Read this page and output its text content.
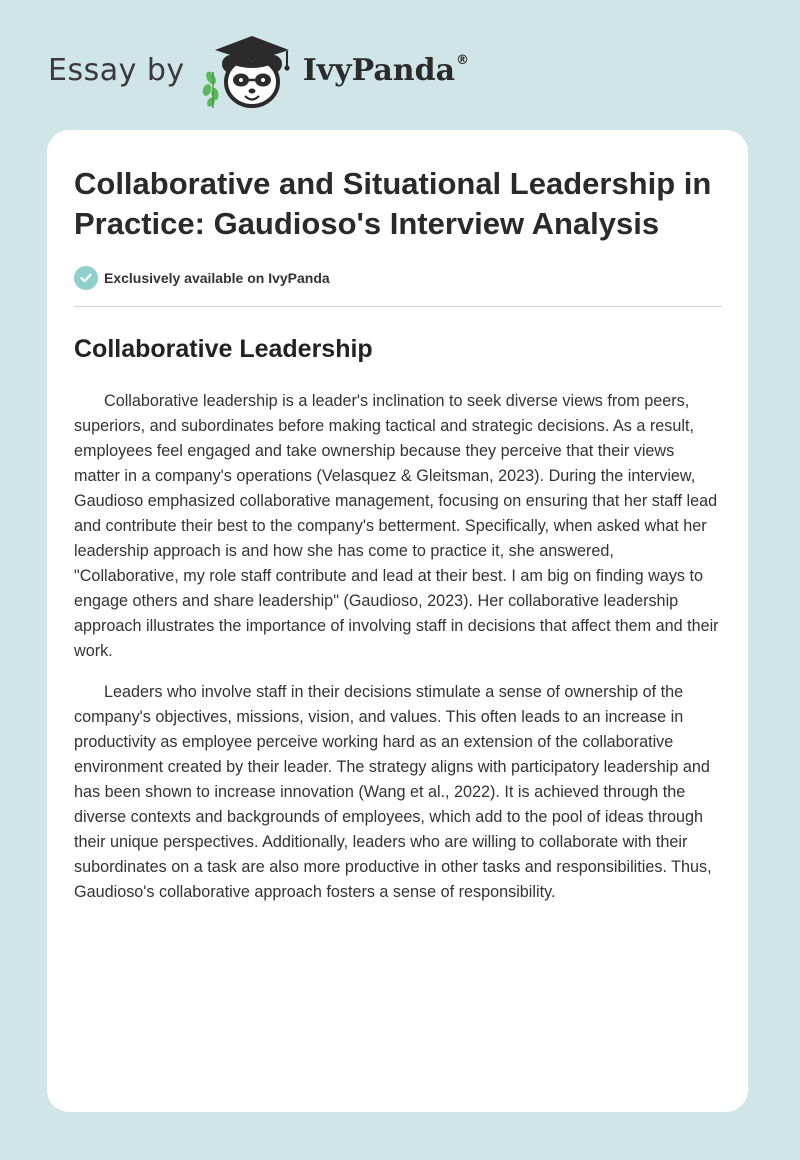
Essay by	IvyPanda ®
Collaborative and Situational Leadership in Practice: Gaudioso's Interview Analysis
Exclusively available on IvyPanda
Collaborative Leadership

Collaborative leadership is a leader's inclination to seek diverse views from peers, superiors, and subordinates before making tactical and strategic decisions. As a result, employees feel engaged and take ownership because they perceive that their views matter in a company's operations (Velasquez & Gleitsman, 2023). During the interview, Gaudioso emphasized collaborative management, focusing on ensuring that her staff lead and contribute their best to the company's betterment. Specifically, when asked what her leadership approach is and how she has come to practice it, she answered, "Collaborative, my role staff contribute and lead at their best. I am big on finding ways to engage others and share leadership" (Gaudioso, 2023). Her collaborative leadership approach illustrates the importance of involving staff in decisions that affect them and their work.

Leaders who involve staff in their decisions stimulate a sense of ownership of the company's objectives, missions, vision, and values. This often leads to an increase in productivity as employee perceive working hard as an extension of the collaborative environment created by their leader. The strategy aligns with participatory leadership and has been shown to increase innovation (Wang et al., 2022). It is achieved through the diverse contexts and backgrounds of employees, which add to the pool of ideas through their unique perspectives. Additionally, leaders who are willing to collaborate with their subordinates on a task are also more productive in other tasks and responsibilities. Thus, Gaudioso's collaborative approach fosters a sense of responsibility.
